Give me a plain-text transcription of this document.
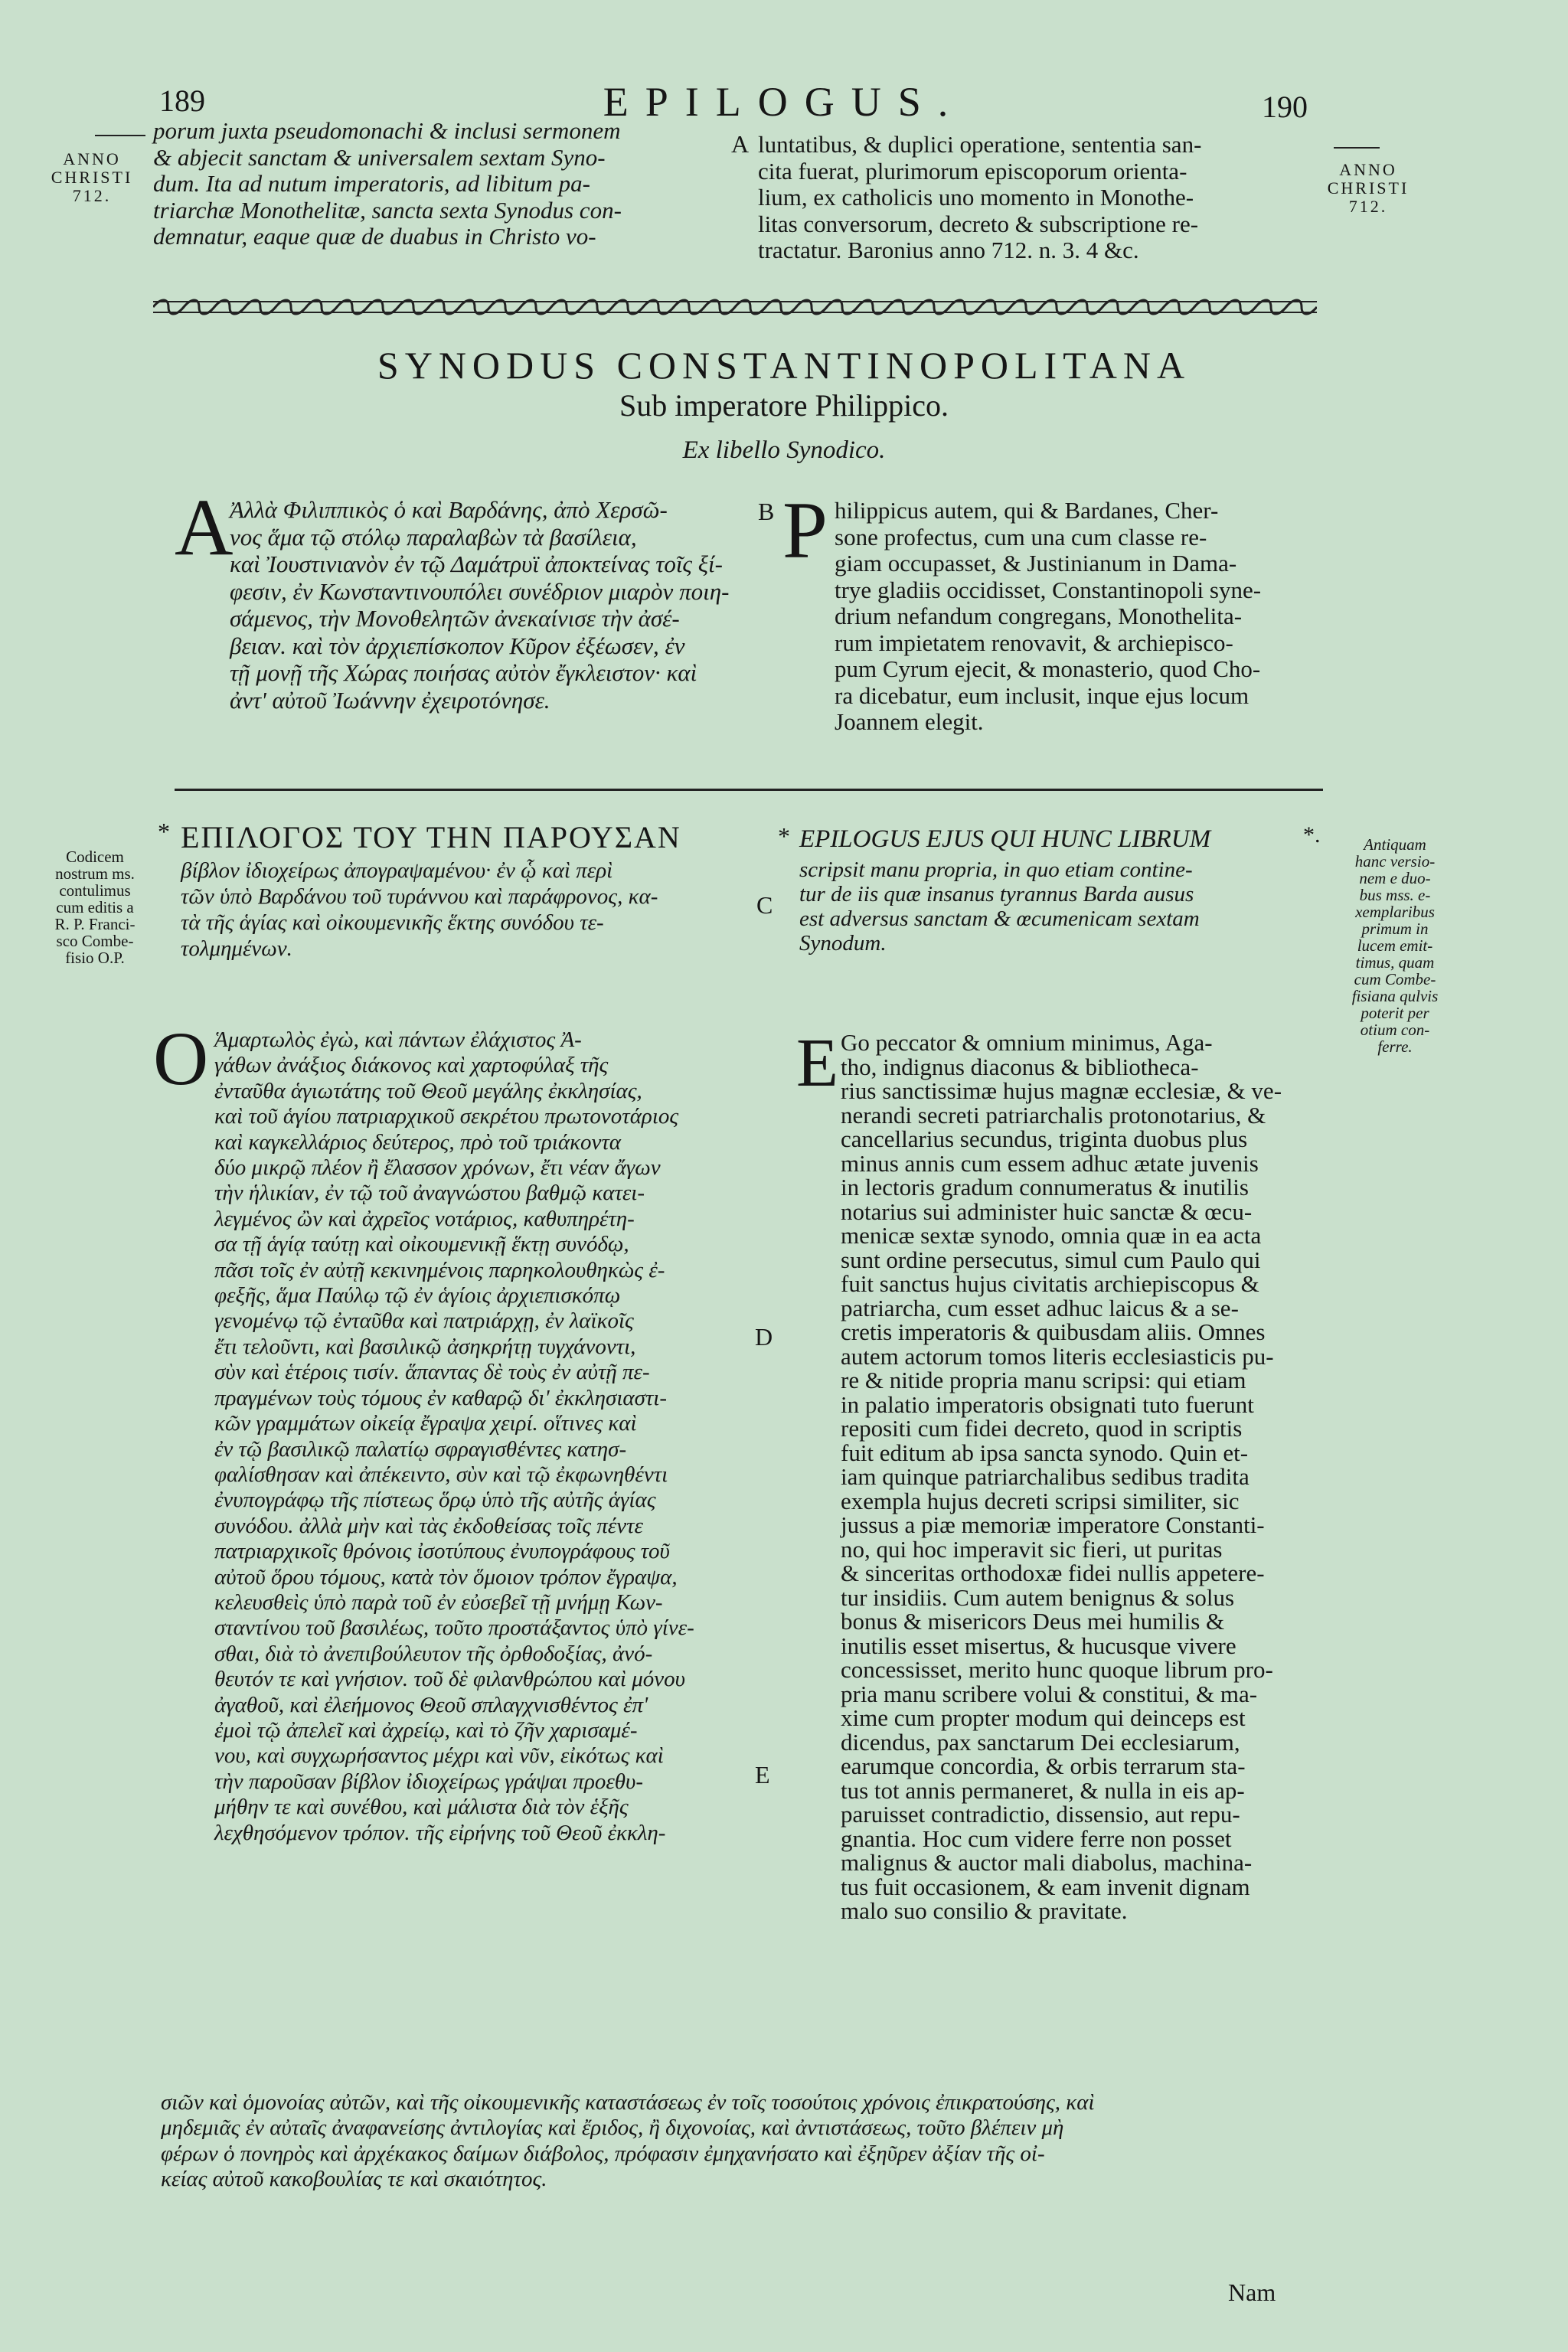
189	EPILOGUS.	190
ANNO
CHRISTI
712.
ANNO
CHRISTI
712.
porum juxta pseudomonachi & inclusi sermonem
& abjecit sanctam & universalem sextam Syno-
dum. Ita ad nutum imperatoris, ad libitum pa-
triarchæ Monothelitæ, sancta sexta Synodus con-
demnatur, eaque quæ de duabus in Christo vo-
A luntatibus, & duplici operatione, sententia san-
cita fuerat, plurimorum episcoporum orienta-
lium, ex catholicis uno momento in Monothe-
litas conversorum, decreto & subscriptione re-
tractatur. Baronius anno 712. n. 3. 4 &c.
SYNODUS CONSTANTINOPOLITANA
Sub imperatore Philippico.
Ex libello Synodico.
Α
Ἀλλὰ Φιλιππικὸς ὁ καὶ Βαρδάνης, ἀπὸ Χερσῶ-
νος ἅμα τῷ στόλῳ παραλαβὼν τὰ βασίλεια,
καὶ Ἰουστινιανὸν ἐν τῷ Δαμάτρυϊ ἀποκτείνας τοῖς ξί-
φεσιν, ἐν Κωνσταντινουπόλει συνέδριον μιαρὸν ποιη-
σάμενος, τὴν Μονοθελητῶν ἀνεκαίνισε τὴν ἀσέ-
βειαν. καὶ τὸν ἀρχιεπίσκοπον Κῦρον ἐξέωσεν, ἐν
τῇ μονῇ τῆς Χώρας ποιήσας αὐτὸν ἔγκλειστον· καὶ
ἀντ' αὐτοῦ Ἰωάννην ἐχειροτόνησε.
B P hilippicus autem, qui & Bardanes, Cher-
sone profectus, cum una cum classe re-
giam occupasset, & Justinianum in Dama-
trye gladiis occidisset, Constantinopoli syne-
drium nefandum congregans, Monothelita-
rum impietatem renovavit, & archiepisco-
pum Cyrum ejecit, & monasterio, quod Cho-
ra dicebatur, eum inclusit, inque ejus locum
Joannem elegit.
Codicem
nostrum ms.
contulimus
cum editis a
R. P. Franci-
sco Combe-
fisio O.P.
Antiquam
hanc versio-
nem e duo-
bus mss. e-
xemplaribus
primum in
lucem emit-
timus, quam
cum Combe-
fisiana qulvis
poterit per
otium con-
ferre.
* ΕΠΙΛΟΓΟΣ ΤΟΥ ΤΗΝ ΠΑΡΟΥΣΑΝ
βίβλον ἰδιοχείρως ἀπογραψαμένου· ἐν ᾧ καὶ περὶ
τῶν ὑπὸ Βαρδάνου τοῦ τυράννου καὶ παράφρονος, κα-
τὰ τῆς ἁγίας καὶ οἰκουμενικῆς ἕκτης συνόδου τε-
τολμημένων.
C
* EPILOGUS EJUS QUI HUNC LIBRUM	*.
scripsit manu propria, in quo etiam contine-
tur de iis quæ insanus tyrannus Barda ausus
est adversus sanctam & œcumenicam sextam
Synodum.
Ο Ἁμαρτωλὸς ἐγὼ, καὶ πάντων ἐλάχιστος Ἀ-
γάθων ἀνάξιος διάκονος καὶ χαρτοφύλαξ τῆς
ἐνταῦθα ἁγιωτάτης τοῦ Θεοῦ μεγάλης ἐκκλησίας,
καὶ τοῦ ἁγίου πατριαρχικοῦ σεκρέτου πρωτονοτάριος
καὶ καγκελλάριος δεύτερος, πρὸ τοῦ τριάκοντα
δύο μικρῷ πλέον ἢ ἔλασσον χρόνων, ἔτι νέαν ἄγων
τὴν ἡλικίαν, ἐν τῷ τοῦ ἀναγνώστου βαθμῷ κατει-
λεγμένος ὢν καὶ ἀχρεῖος νοτάριος, καθυπηρέτη-
σα τῇ ἁγίᾳ ταύτῃ καὶ οἰκουμενικῇ ἕκτῃ συνόδῳ,
πᾶσι τοῖς ἐν αὐτῇ κεκινημένοις παρηκολουθηκὼς ἐ-
φεξῆς, ἅμα Παύλῳ τῷ ἐν ἁγίοις ἀρχιεπισκόπῳ
γενομένῳ τῷ ἐνταῦθα καὶ πατριάρχῃ, ἐν λαϊκοῖς
ἔτι τελοῦντι, καὶ βασιλικῷ ἀσηκρήτῃ τυγχάνοντι,
σὺν καὶ ἑτέροις τισίν. ἅπαντας δὲ τοὺς ἐν αὐτῇ πε-
πραγμένων τοὺς τόμους ἐν καθαρῷ δι' ἐκκλησιαστι-
κῶν γραμμάτων οἰκείᾳ ἔγραψα χειρί. οἵτινες καὶ
ἐν τῷ βασιλικῷ παλατίῳ σφραγισθέντες κατησ-
φαλίσθησαν καὶ ἀπέκειντο, σὺν καὶ τῷ ἐκφωνηθέντι
ἐνυπογράφῳ τῆς πίστεως ὅρῳ ὑπὸ τῆς αὐτῆς ἁγίας
συνόδου. ἀλλὰ μὴν καὶ τὰς ἐκδοθείσας τοῖς πέντε
πατριαρχικοῖς θρόνοις ἰσοτύπους ἐνυπογράφους τοῦ
αὐτοῦ ὅρου τόμους, κατὰ τὸν ὅμοιον τρόπον ἔγραψα,
κελευσθεὶς ὑπὸ παρὰ τοῦ ἐν εὐσεβεῖ τῇ μνήμῃ Κων-
σταντίνου τοῦ βασιλέως, τοῦτο προστάξαντος ὑπὸ γίνε-
σθαι, διὰ τὸ ἀνεπιβούλευτον τῆς ὀρθοδοξίας, ἀνό-
θευτόν τε καὶ γνήσιον. τοῦ δὲ φιλανθρώπου καὶ μόνου
ἀγαθοῦ, καὶ ἐλεήμονος Θεοῦ σπλαγχνισθέντος ἐπ'
ἐμοὶ τῷ ἀπελεῖ καὶ ἀχρείῳ, καὶ τὸ ζῆν χαρισαμέ-
νου, καὶ συγχωρήσαντος μέχρι καὶ νῦν, εἰκότως καὶ
τὴν παροῦσαν βίβλον ἰδιοχείρως γράψαι προεθυ-
μήθην τε καὶ συνέθου, καὶ μάλιστα διὰ τὸν ἑξῆς
λεχθησόμενον τρόπον. τῆς εἰρήνης τοῦ Θεοῦ ἐκκλη-
D
E
E Go peccator & omnium minimus, Aga-
tho, indignus diaconus & bibliotheca-
rius sanctissimæ hujus magnæ ecclesiæ, & ve-
nerandi secreti patriarchalis protonotarius, &
cancellarius secundus, triginta duobus plus
minus annis cum essem adhuc ætate juvenis
in lectoris gradum connumeratus & inutilis
notarius sui administer huic sanctæ & œcu-
menicæ sextæ synodo, omnia quæ in ea acta
sunt ordine persecutus, simul cum Paulo qui
fuit sanctus hujus civitatis archiepiscopus &
patriarcha, cum esset adhuc laicus & a se-
cretis imperatoris & quibusdam aliis. Omnes
autem actorum tomos literis ecclesiasticis pu-
re & nitide propria manu scripsi: qui etiam
in palatio imperatoris obsignati tuto fuerunt
repositi cum fidei decreto, quod in scriptis
fuit editum ab ipsa sancta synodo. Quin et-
iam quinque patriarchalibus sedibus tradita
exempla hujus decreti scripsi similiter, sic
jussus a piæ memoriæ imperatore Constanti-
no, qui hoc imperavit sic fieri, ut puritas
& sinceritas orthodoxæ fidei nullis appetere-
tur insidiis. Cum autem benignus & solus
bonus & misericors Deus mei humilis &
inutilis esset misertus, & hucusque vivere
concessisset, merito hunc quoque librum pro-
pria manu scribere volui & constitui, & ma-
xime cum propter modum qui deinceps est
dicendus, pax sanctarum Dei ecclesiarum,
earumque concordia, & orbis terrarum sta-
tus tot annis permaneret, & nulla in eis ap-
paruisset contradictio, dissensio, aut repu-
gnantia. Hoc cum videre ferre non posset
malignus & auctor mali diabolus, machina-
tus fuit occasionem, & eam invenit dignam
malo suo consilio & pravitate.
σιῶν καὶ ὁμονοίας αὐτῶν, καὶ τῆς οἰκουμενικῆς καταστάσεως ἐν τοῖς τοσούτοις χρόνοις ἐπικρατούσης, καὶ
μηδεμιᾶς ἐν αὐταῖς ἀναφανείσης ἀντιλογίας καὶ ἔριδος, ἢ διχονοίας, καὶ ἀντιστάσεως, τοῦτο βλέπειν μὴ
φέρων ὁ πονηρὸς καὶ ἀρχέκακος δαίμων διάβολος, πρόφασιν ἐμηχανήσατο καὶ ἐξηῦρεν ἀξίαν τῆς οἰ-
κείας αὐτοῦ κακοβουλίας τε καὶ σκαιότητος.
Nam
